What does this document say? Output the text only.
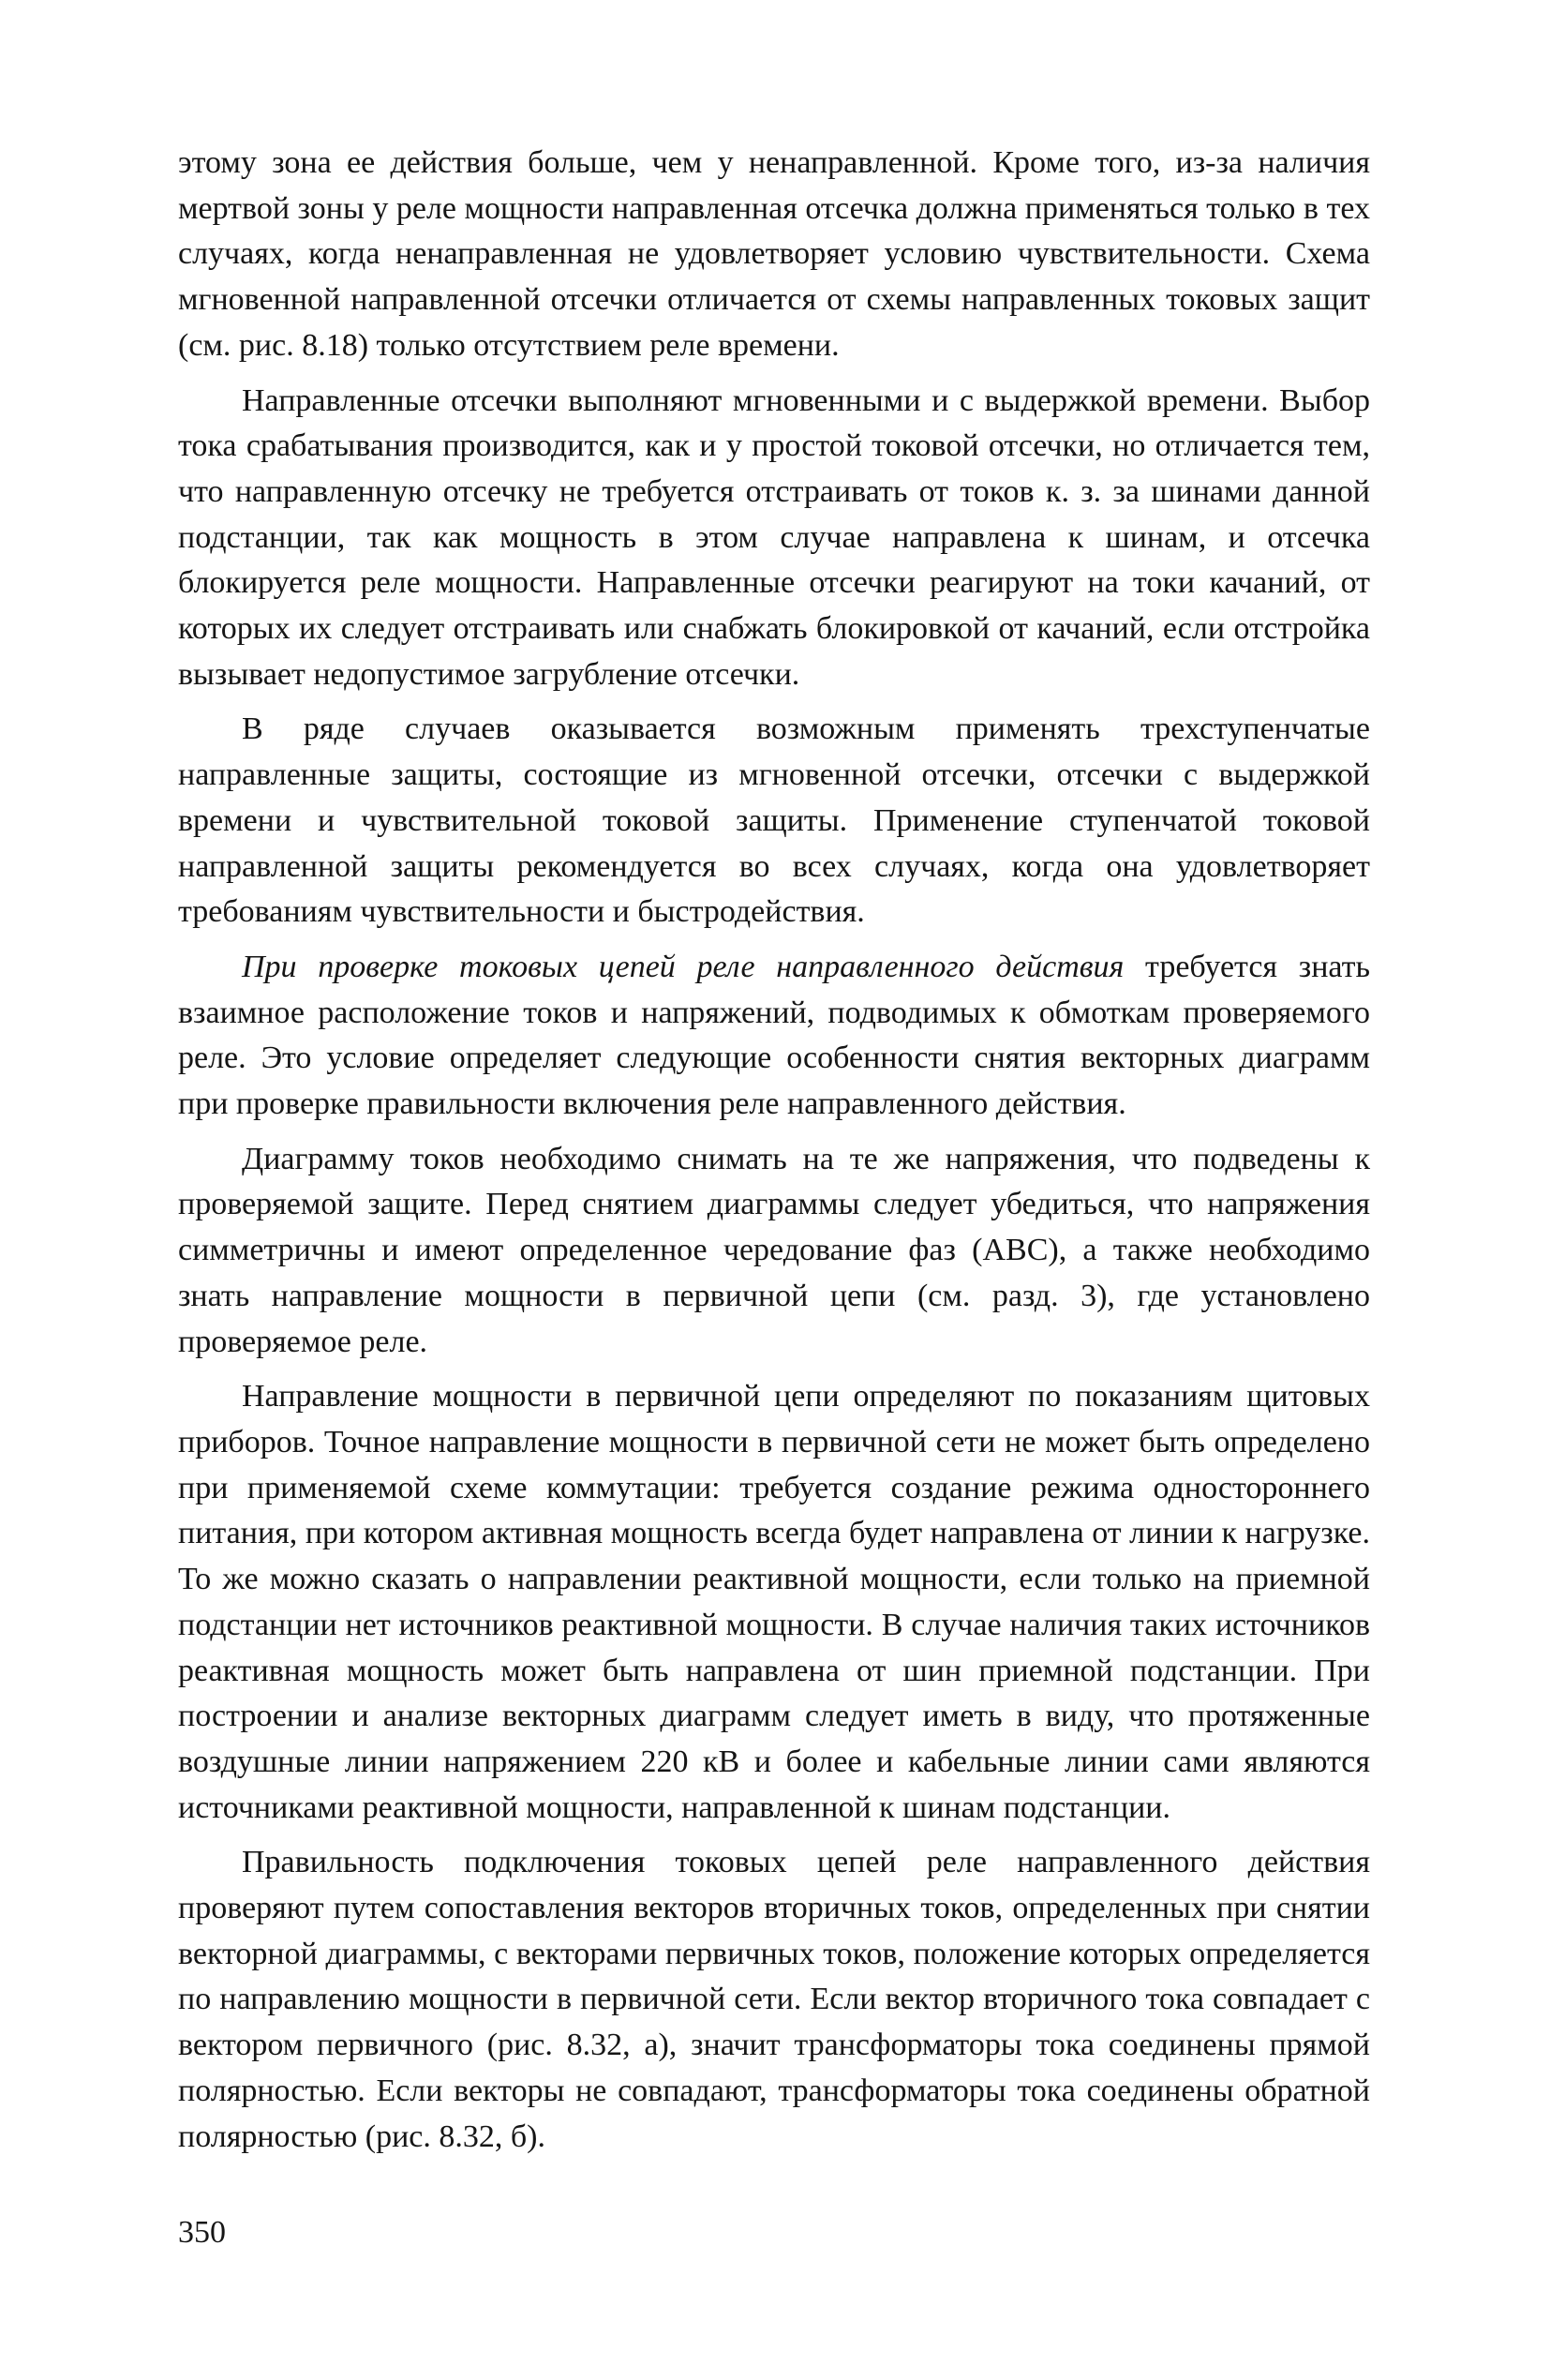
этому зона ее действия больше, чем у ненаправленной. Кроме того, из-за наличия мертвой зоны у реле мощности направленная отсечка должна применяться только в тех случаях, когда ненаправленная не удовлетворяет условию чувствительности. Схема мгновенной направленной отсечки отличается от схемы направленных токовых защит (см. рис. 8.18) только отсутствием реле времени.

Направленные отсечки выполняют мгновенными и с выдержкой времени. Выбор тока срабатывания производится, как и у простой токовой отсечки, но отличается тем, что направленную отсечку не требуется отстраивать от токов к. з. за шинами данной подстанции, так как мощность в этом случае направлена к шинам, и отсечка блокируется реле мощности. Направленные отсечки реагируют на токи качаний, от которых их следует отстраивать или снабжать блокировкой от качаний, если отстройка вызывает недопустимое загрубление отсечки.

В ряде случаев оказывается возможным применять трехступенчатые направленные защиты, состоящие из мгновенной отсечки, отсечки с выдержкой времени и чувствительной токовой защиты. Применение ступенчатой токовой направленной защиты рекомендуется во всех случаях, когда она удовлетворяет требованиям чувствительности и быстродействия.

При проверке токовых цепей реле направленного действия требуется знать взаимное расположение токов и напряжений, подводимых к обмоткам проверяемого реле. Это условие определяет следующие особенности снятия векторных диаграмм при проверке правильности включения реле направленного действия.

Диаграмму токов необходимо снимать на те же напряжения, что подведены к проверяемой защите. Перед снятием диаграммы следует убедиться, что напряжения симметричны и имеют определенное чередование фаз (ABC), а также необходимо знать направление мощности в первичной цепи (см. разд. 3), где установлено проверяемое реле.

Направление мощности в первичной цепи определяют по показаниям щитовых приборов. Точное направление мощности в первичной сети не может быть определено при применяемой схеме коммутации: требуется создание режима одностороннего питания, при котором активная мощность всегда будет направлена от линии к нагрузке. То же можно сказать о направлении реактивной мощности, если только на приемной подстанции нет источников реактивной мощности. В случае наличия таких источников реактивная мощность может быть направлена от шин приемной подстанции. При построении и анализе векторных диаграмм следует иметь в виду, что протяженные воздушные линии напряжением 220 кВ и более и кабельные линии сами являются источниками реактивной мощности, направленной к шинам подстанции.

Правильность подключения токовых цепей реле направленного действия проверяют путем сопоставления векторов вторичных токов, определенных при снятии векторной диаграммы, с векторами первичных токов, положение которых определяется по направлению мощности в первичной сети. Если вектор вторичного тока совпадает с вектором первичного (рис. 8.32, а), значит трансформаторы тока соединены прямой полярностью. Если векторы не совпадают, трансформаторы тока соединены обратной полярностью (рис. 8.32, б).

350
